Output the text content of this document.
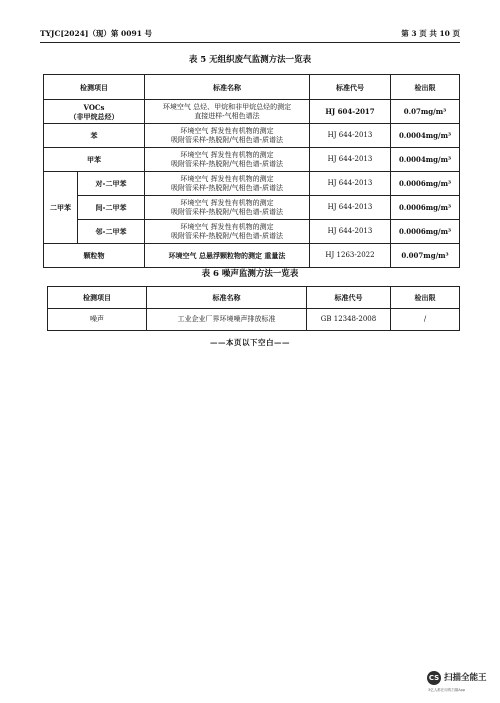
TYJC[2024]（现）第 0091 号	第 3 页 共 10 页
表 5 无组织废气监测方法一览表
检测项目		标准名称	标准代号	检出限
VOCs
（非甲烷总烃）		环境空气 总烃、甲烷和非甲烷总烃的测定
直接进样-气相色谱法	HJ 604-2017	0.07mg/m³
苯		环境空气 挥发性有机物的测定
吸附管采样-热脱附/气相色谱-质谱法	HJ 644-2013	0.0004mg/m³
甲苯		环境空气 挥发性有机物的测定
吸附管采样-热脱附/气相色谱-质谱法	HJ 644-2013	0.0004mg/m³
二甲苯	对-二甲苯	环境空气 挥发性有机物的测定
吸附管采样-热脱附/气相色谱-质谱法	HJ 644-2013	0.0006mg/m³
	间-二甲苯	环境空气 挥发性有机物的测定
吸附管采样-热脱附/气相色谱-质谱法	HJ 644-2013	0.0006mg/m³
	邻-二甲苯	环境空气 挥发性有机物的测定
吸附管采样-热脱附/气相色谱-质谱法	HJ 644-2013	0.0006mg/m³
颗粒物		环境空气 总悬浮颗粒物的测定 重量法	HJ 1263-2022	0.007mg/m³
表 6 噪声监测方法一览表
检测项目	标准名称	标准代号	检出限
噪声	工业企业厂界环境噪声排放标准	GB 12348-2008	/
——本页以下空白——
CS 扫描全能王
3亿人都在用的扫描App
